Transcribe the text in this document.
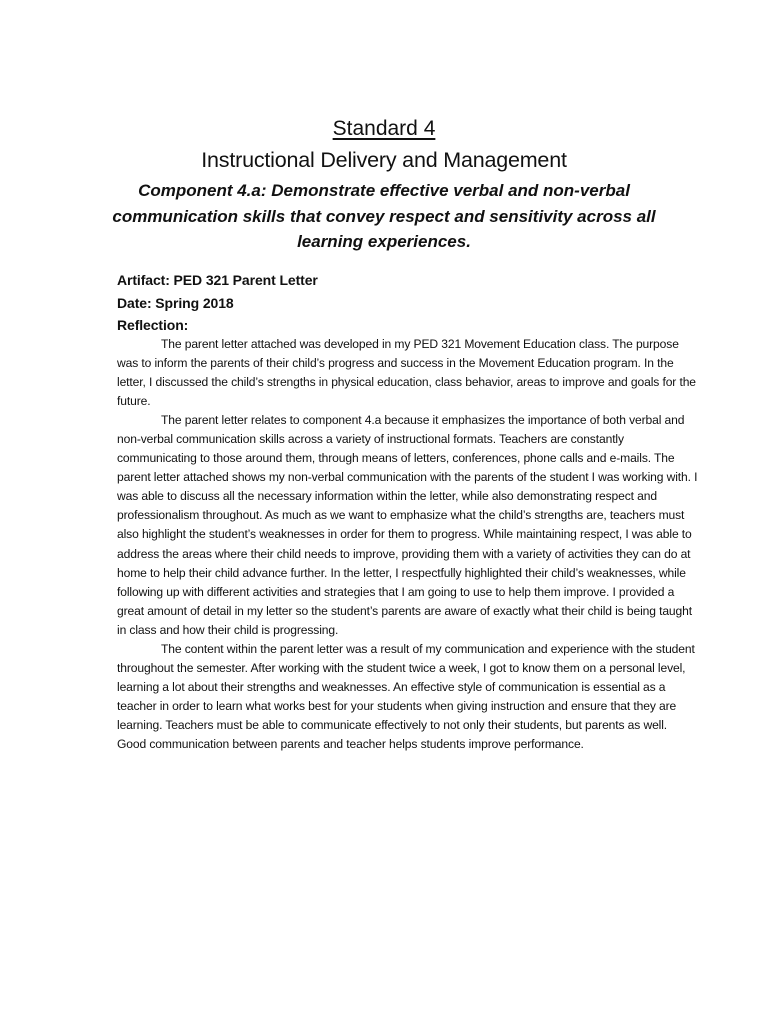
Standard 4
Instructional Delivery and Management

Component 4.a: Demonstrate effective verbal and non-verbal communication skills that convey respect and sensitivity across all learning experiences.

Artifact: PED 321 Parent Letter

Date: Spring 2018

Reflection:

The parent letter attached was developed in my PED 321 Movement Education class. The purpose was to inform the parents of their child’s progress and success in the Movement Education program. In the letter, I discussed the child’s strengths in physical education, class behavior, areas to improve and goals for the future.

The parent letter relates to component 4.a because it emphasizes the importance of both verbal and non-verbal communication skills across a variety of instructional formats. Teachers are constantly communicating to those around them, through means of letters, conferences, phone calls and e-mails. The parent letter attached shows my non-verbal communication with the parents of the student I was working with. I was able to discuss all the necessary information within the letter, while also demonstrating respect and professionalism throughout. As much as we want to emphasize what the child’s strengths are, teachers must also highlight the student’s weaknesses in order for them to progress. While maintaining respect, I was able to address the areas where their child needs to improve, providing them with a variety of activities they can do at home to help their child advance further. In the letter, I respectfully highlighted their child’s weaknesses, while following up with different activities and strategies that I am going to use to help them improve. I provided a great amount of detail in my letter so the student’s parents are aware of exactly what their child is being taught in class and how their child is progressing.

The content within the parent letter was a result of my communication and experience with the student throughout the semester. After working with the student twice a week, I got to know them on a personal level, learning a lot about their strengths and weaknesses. An effective style of communication is essential as a teacher in order to learn what works best for your students when giving instruction and ensure that they are learning. Teachers must be able to communicate effectively to not only their students, but parents as well. Good communication between parents and teacher helps students improve performance.
